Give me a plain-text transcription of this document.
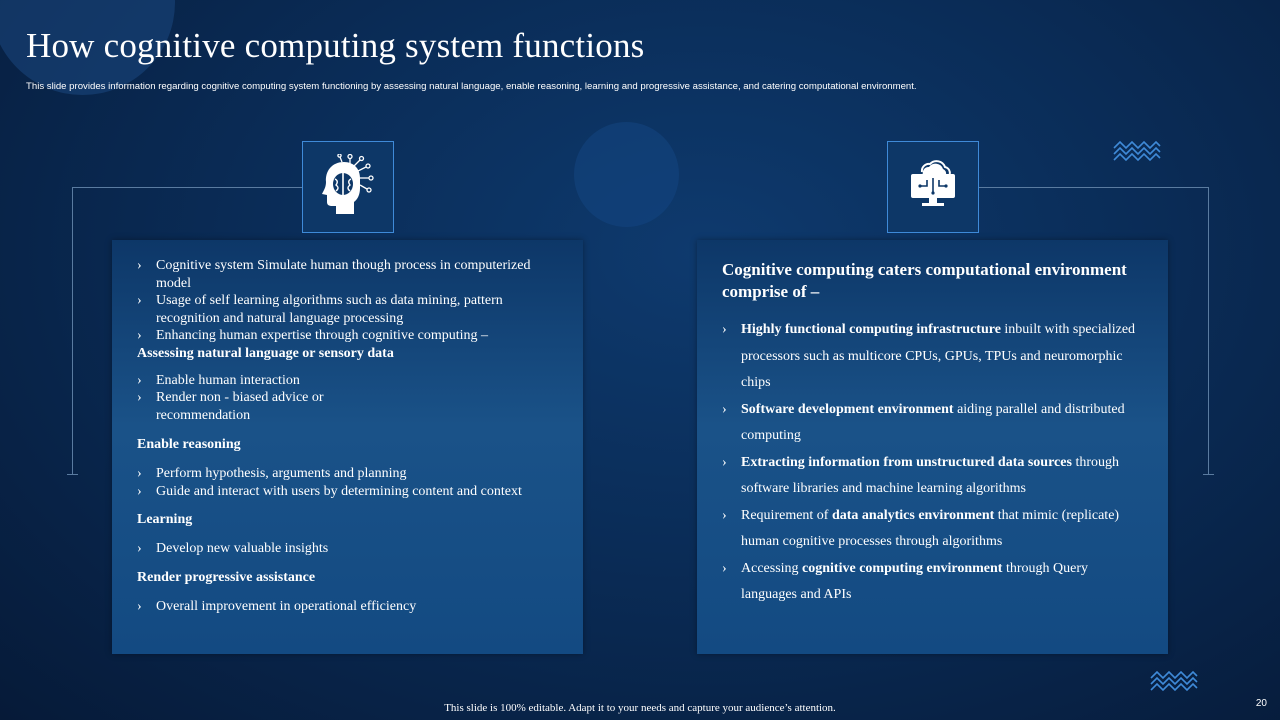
How cognitive computing system functions

This slide provides information regarding cognitive computing system functioning by assessing natural language, enable reasoning, learning and progressive assistance, and catering computational environment.

› Cognitive system Simulate human though process in computerized model
› Usage of self learning algorithms such as data mining, pattern recognition and natural language processing
› Enhancing human expertise through cognitive computing –

Assessing natural language or sensory data

› Enable human interaction
› Render non - biased advice or recommendation

Enable reasoning

› Perform hypothesis, arguments and planning
› Guide and interact with users by determining content and context

Learning

› Develop new valuable insights

Render progressive assistance

› Overall improvement in operational efficiency

Cognitive computing caters computational environment comprise of –

› Highly functional computing infrastructure inbuilt with specialized processors such as multicore CPUs, GPUs, TPUs and neuromorphic chips
› Software development environment aiding parallel and distributed computing
› Extracting information from unstructured data sources through software libraries and machine learning algorithms
› Requirement of data analytics environment that mimic (replicate) human cognitive processes through algorithms
› Accessing cognitive computing environment through Query languages and APIs
This slide is 100% editable. Adapt it to your needs and capture your audience’s attention.	20
